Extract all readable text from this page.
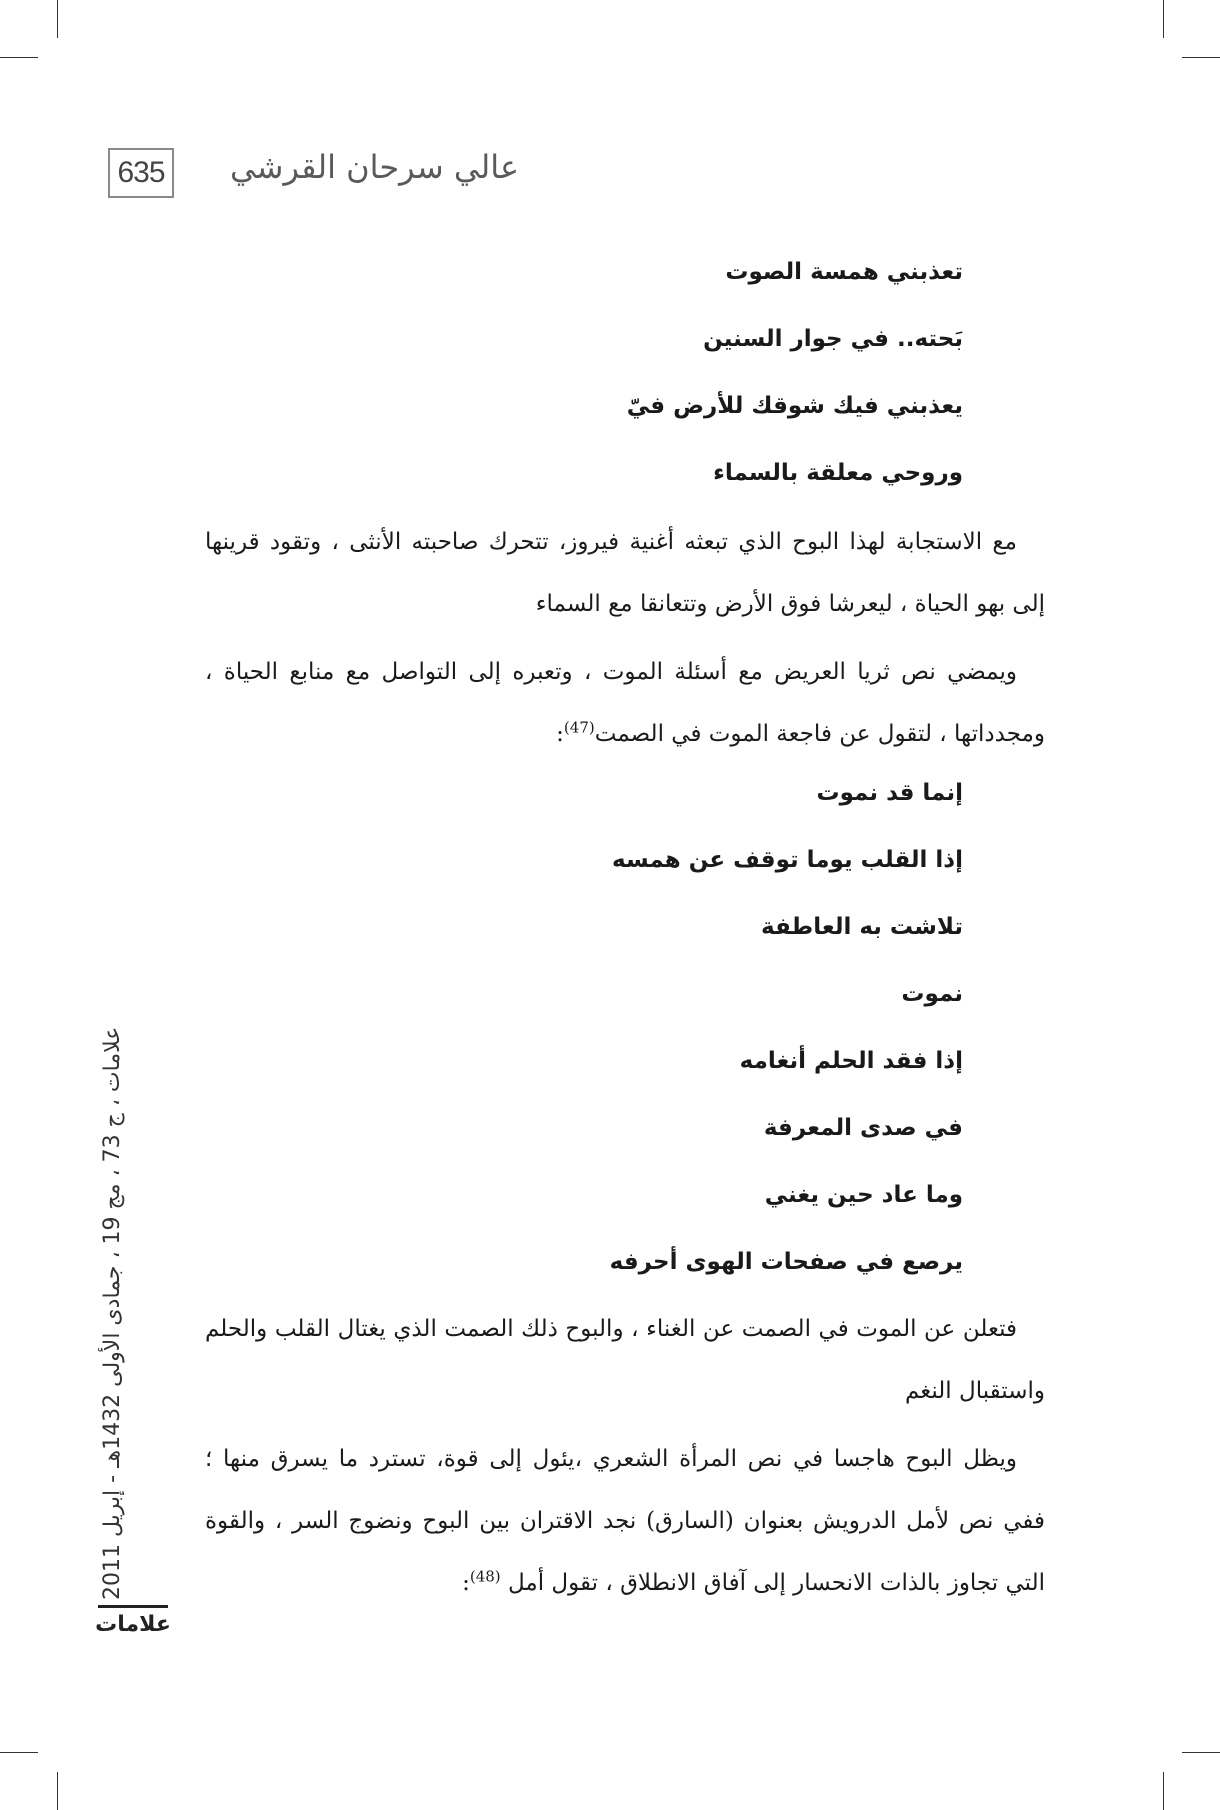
635 عالي سرحان القرشي
تعذبني همسة الصوت
بَحته.. في جوار السنين
يعذبني فيك شوقك للأرض فيّ
وروحي معلقة بالسماء

مع الاستجابة لهذا البوح الذي تبعثه أغنية فيروز، تتحرك صاحبته الأنثى ، وتقود قرينها إلى بهو الحياة ، ليعرشا فوق الأرض وتتعانقا مع السماء

ويمضي نص ثريا العريض مع أسئلة الموت ، وتعبره إلى التواصل مع منابع الحياة ، ومجدداتها ، لتقول عن فاجعة الموت في الصمت$^{(47)}$:

إنما قد نموت
إذا القلب يوما توقف عن همسه
تلاشت به العاطفة
نموت
إذا فقد الحلم أنغامه
في صدى المعرفة
وما عاد حين يغني
يرصع في صفحات الهوى أحرفه

فتعلن عن الموت في الصمت عن الغناء ، والبوح ذلك الصمت الذي يغتال القلب والحلم واستقبال النغم

ويظل البوح هاجسا في نص المرأة الشعري ،يئول إلى قوة، تسترد ما يسرق منها ؛ ففي نص لأمل الدرويش بعنوان (السارق) نجد الاقتران بين البوح ونضوج السر ، والقوة التي تجاوز بالذات الانحسار إلى آفاق الانطلاق ، تقول أمل $^{(48)}$:

علامات ، ج 73 ، مج 19 ، جمادى الأولى 1432هـ - إبريل 2011
علامات
